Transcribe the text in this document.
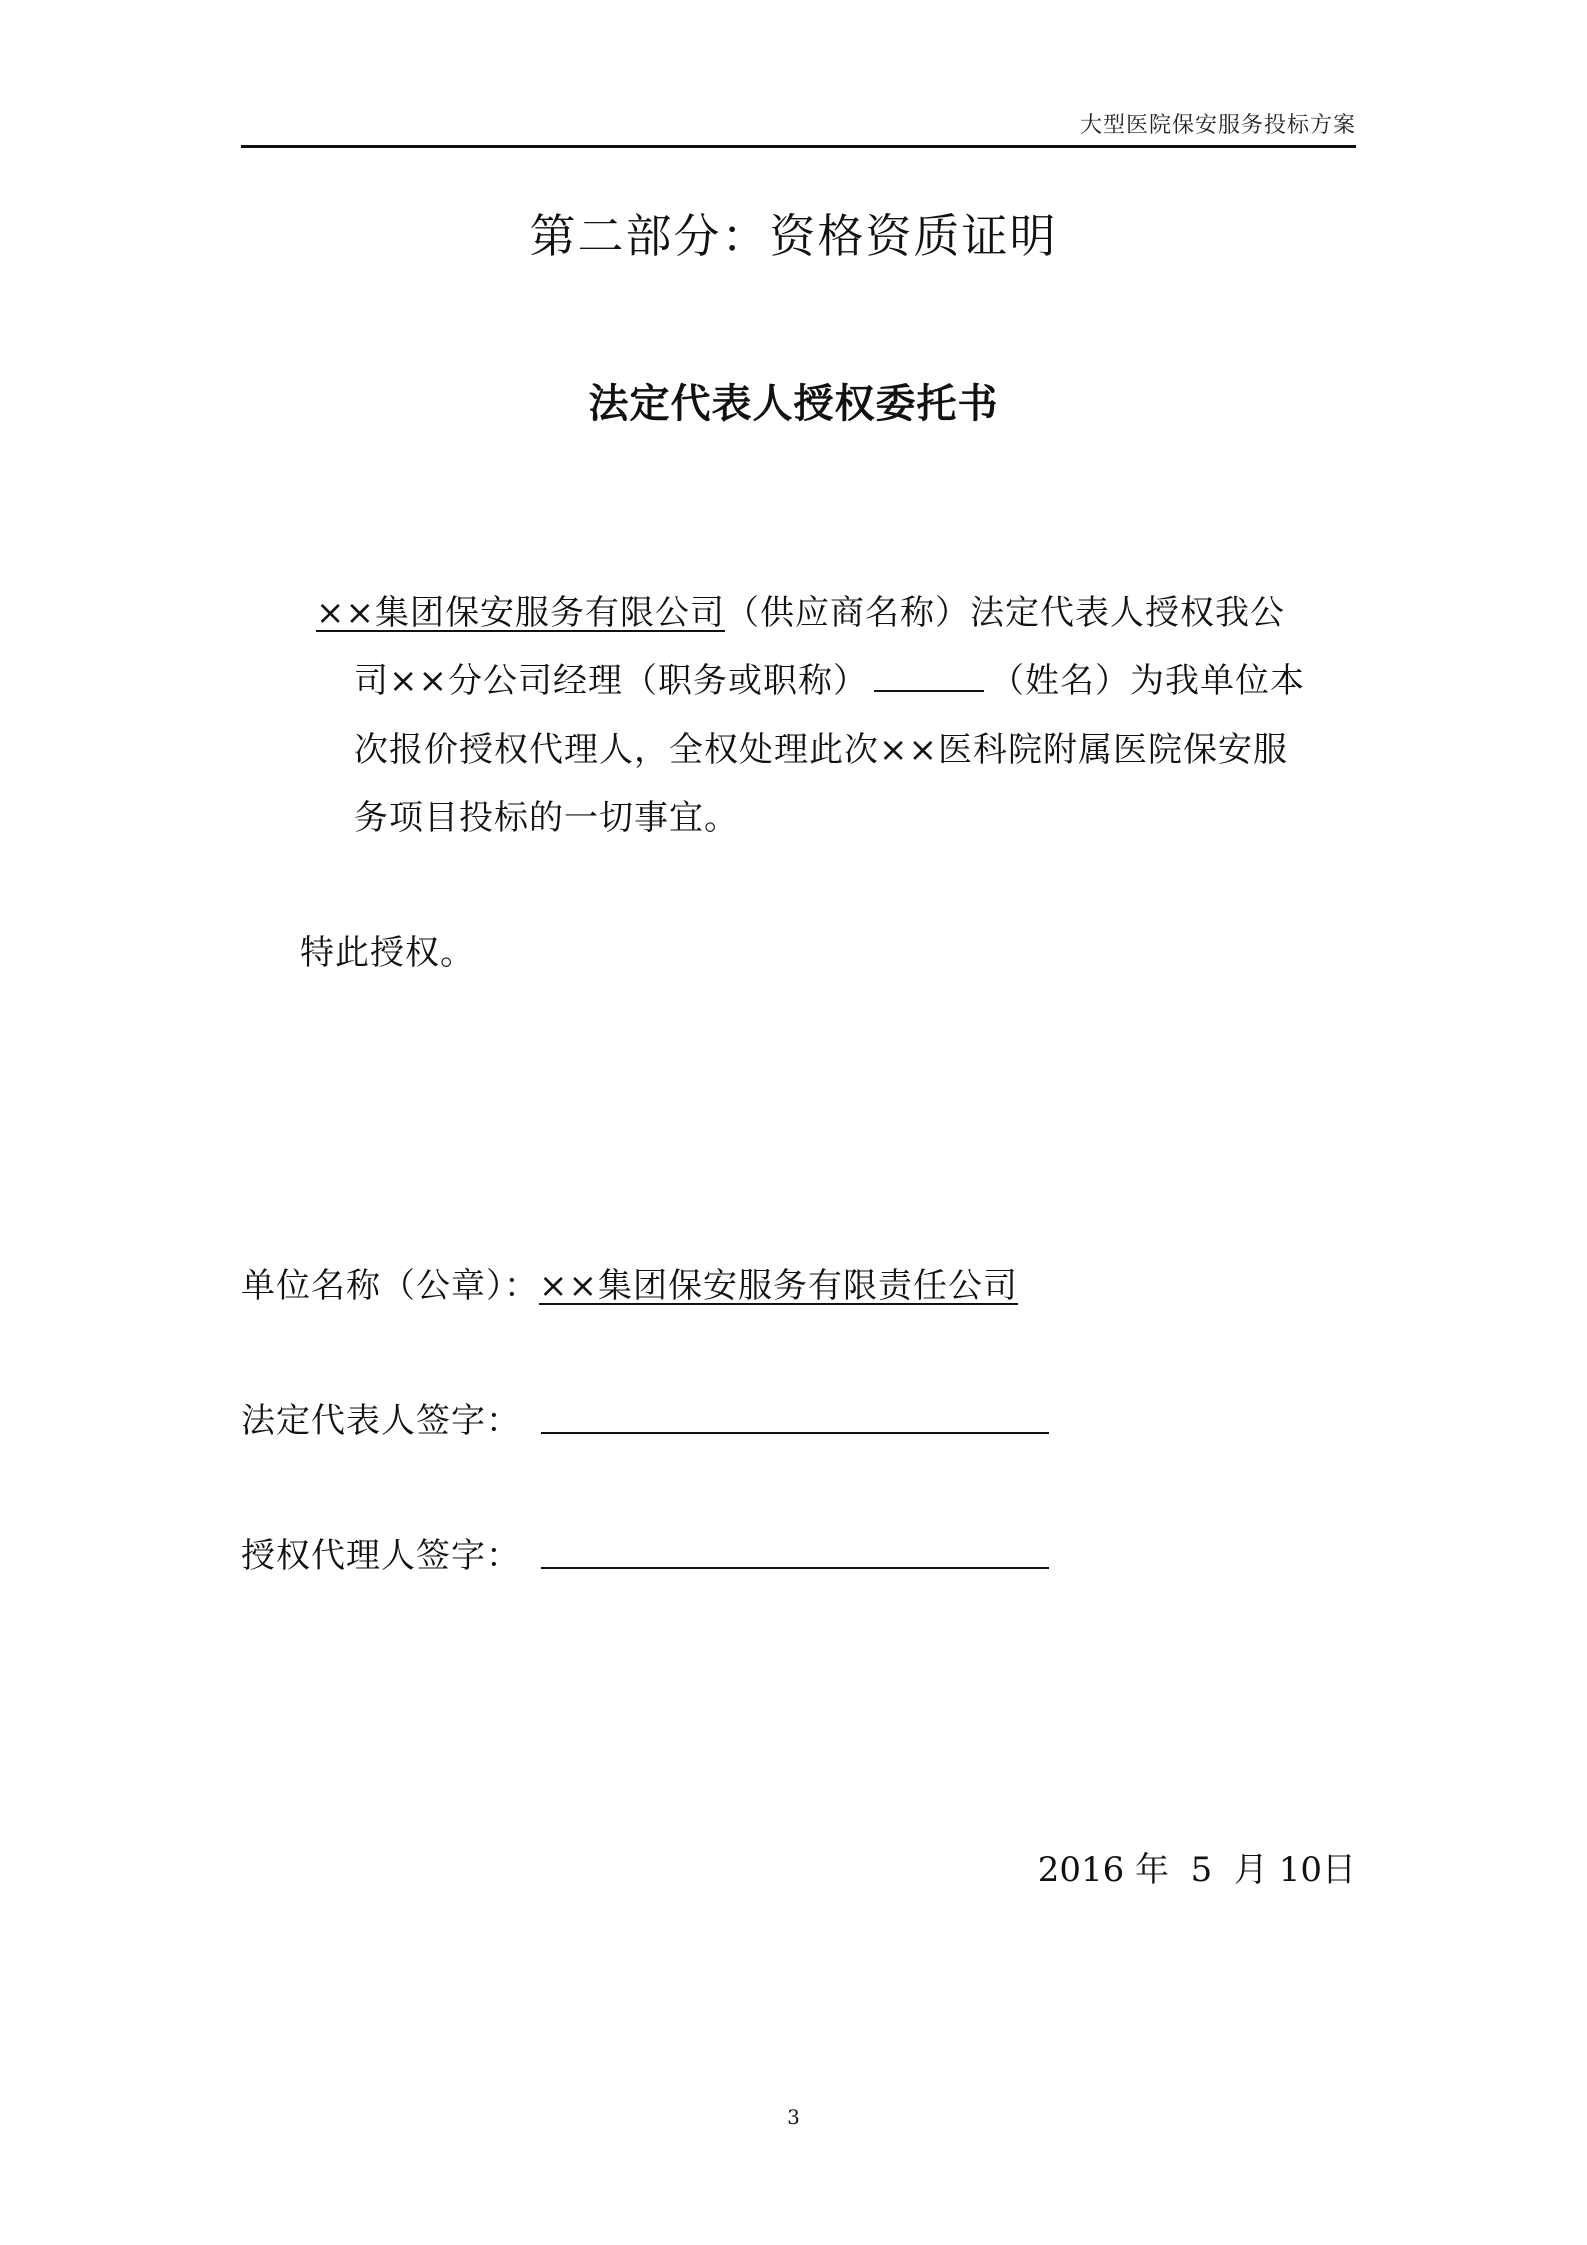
大型医院保安服务投标方案
第二部分：资格资质证明
法定代表人授权委托书
××集团保安服务有限公司（供应商名称）法定代表人授权我公
司××分公司经理（职务或职称）	（姓名）为我单位本
次报价授权代理人，全权处理此次××医科院附属医院保安服
务项目投标的一切事宜。
特此授权。
单位名称（公章）：××集团保安服务有限责任公司
法定代表人签字：
授权代理人签字：
2016 年 5 月 10日
3
